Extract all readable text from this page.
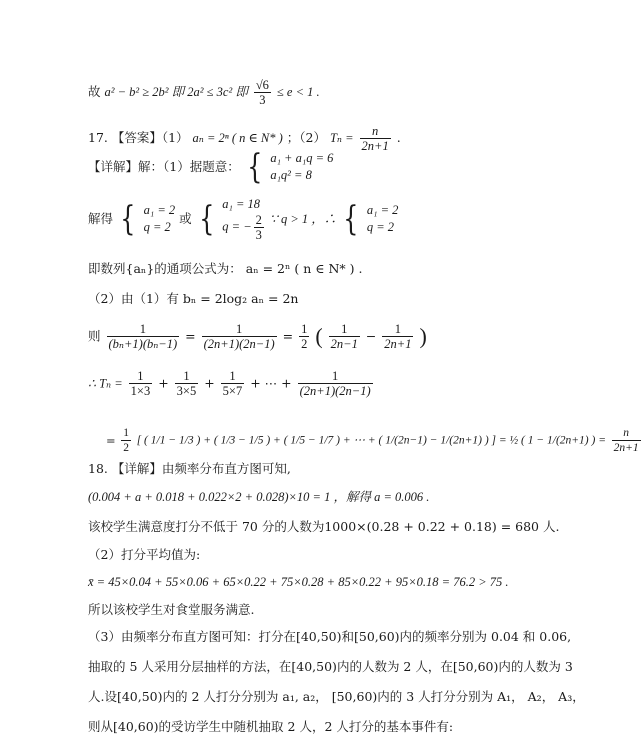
故 a² − b² ≥ 2b² 即 2a² ≤ 3c² 即 $\frac{√6}{3} \le e < 1$ .
17. 【答案】（1） aₙ = 2ⁿ ( n ∈ N* ) ；（2） $T_n = \frac{n}{2n+1}$ .
【详解】解：（1）据题意： { a₁ + a₁q = 6
a₁q² = 8
解得 { a₁ = 2
q = 2
或 { a₁ = 18
q = − $\frac{2}{3}$ ∵ q > 1 ，∴ { a₁ = 2
q = 2
即数列{aₙ}的通项公式为： aₙ = 2ⁿ ( n ∈ N* ) .
（2）由（1）有 bₙ = 2log₂ aₙ = 2n
则 $\frac{1}{\text{(bₙ+1)(bₙ−1)}} = \frac{1}{(2n+1)(2n-1)} = \frac{1}{2}$ ( $\frac{1}{2n-1} - \frac{1}{2n+1}$ )
∴ $T_n = \frac{1}{1\times 3} + \frac{1}{3\times 5} + \frac{1}{5\times 7}$ + ⋯ + $\frac{1}{(2n+1)(2n-1)}$
= $\frac{1}{2}$ [ ( 1/1 − 1/3 ) + ( 1/3 − 1/5 ) + ( 1/5 − 1/7 ) + ⋯ + ( 1/(2n−1) − 1/(2n+1) ) ] = ½ ( 1 − 1/(2n+1) ) = $\frac{n}{2n+1}$
18. 【详解】由频率分布直方图可知,
(0.004 + a + 0.018 + 0.022×2 + 0.028)×10 = 1 ，解得 a = 0.006 .
该校学生满意度打分不低于 70 分的人数为1000×(0.28 + 0.22 + 0.18) = 680 人.
（2）打分平均值为:
x̄ = 45×0.04 + 55×0.06 + 65×0.22 + 75×0.28 + 85×0.22 + 95×0.18 = 76.2 > 75 .
所以该校学生对食堂服务满意.
（3）由频率分布直方图可知：打分在[40,50)和[50,60)内的频率分别为 0.04 和 0.06,
抽取的 5 人采用分层抽样的方法，在[40,50)内的人数为 2 人，在[50,60)内的人数为 3
人.设[40,50)内的 2 人打分分别为 a₁, a₂， [50,60)内的 3 人打分分别为 A₁， A₂， A₃，
则从[40,60)的受访学生中随机抽取 2 人，2 人打分的基本事件有:
